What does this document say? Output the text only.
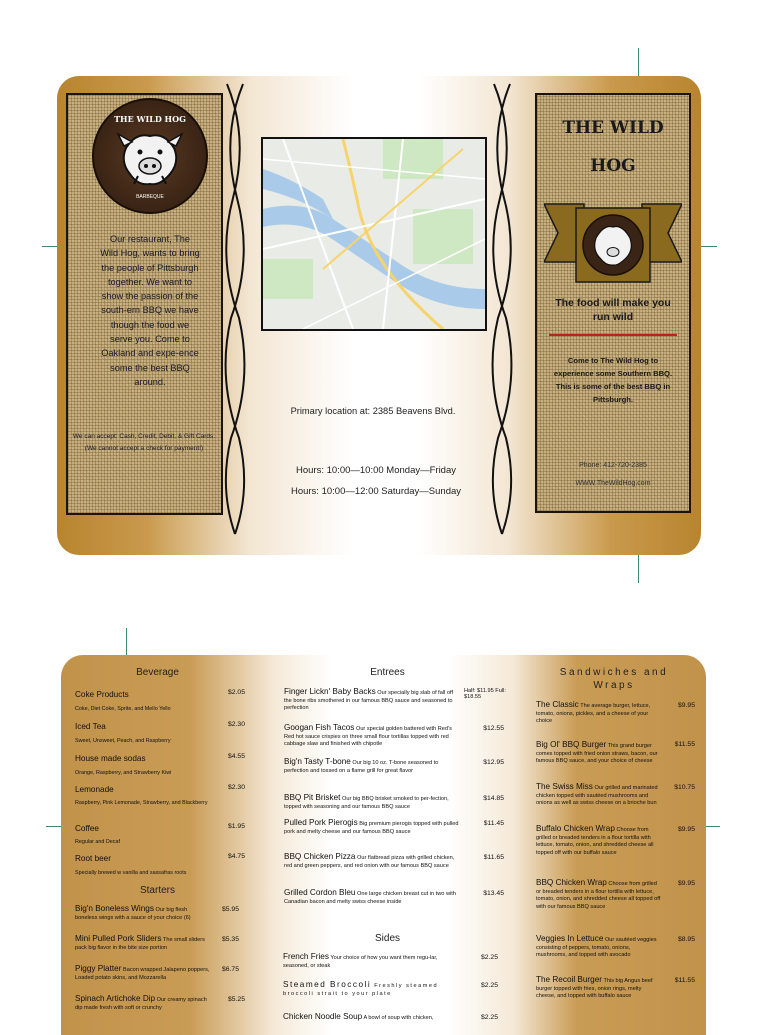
THE WILD HOG
BARBEQUE
Our restaurant, The Wild Hog, wants to bring the people of Pittsburgh together. We want to show the passion of the south-ern BBQ we have though the food we serve you. Come to Oakland and expe-ence some the best BBQ around.
We can accept: Cash, Credit, Debit, & Gift Cards. (We cannot accept a check for payment!)
Primary location at: 2385 Beavens Blvd.
Hours: 10:00—10:00 Monday—Friday
Hours: 10:00—12:00 Saturday—Sunday
THE WILD
HOG
The food will make you run wild
Come to The Wild Hog to experience some Southern BBQ. This is some of the best BBQ in Pittsburgh.
Phone: 412-720-2385
WWW.TheWildHog.com
Beverage
Coke Products	$2.05
Coke, Diet Coke, Sprite, and Mello Yello
Iced Tea	$2.30
Sweet, Unsweet, Peach, and Raspberry
House made sodas	$4.55
Orange, Raspberry, and Strawberry Kiwi
Lemonade	$2.30
Raspberry, Pink Lemonade, Strawberry, and Blackberry
Coffee	$1.95
Regular and Decaf
Root beer	$4.75
Specially brewed w vanilla and sassafras roots
Starters
Big'n Boneless Wings Our big flesh boneless wings with a sauce of your choice (6)
$5.95
Mini Pulled Pork Sliders The small sliders pack big flavor in the bite size portion
$5.35
Piggy Platter Bacon wrapped Jalapeno poppers, Loaded potato skins, and Mozzarella
$6.75
Spinach Artichoke Dip Our creamy spinach dip made fresh with soft or crunchy
$5.25
Entrees
Finger Lickn' Baby Backs Our specially big slab of fall off the bone ribs smothered in our famous BBQ sauce and seasoned to perfection
Half: $11.95 Full: $18.55
Googan Fish Tacos Our special golden battered with Red's Red hot sauce crispies on three small flour tortillas topped with red cabbage slaw and finished with chipotle
$12.55
Big'n Tasty T-bone Our big 10 oz. T-bone seasoned to perfection and tossed on a flame grill for great flavor
$12.95
BBQ Pit Brisket Our big BBQ brisket smoked to per-fection, topped with seasoning and our famous BBQ sauce
$14.85
Pulled Pork Pierogis Big premium pierogis topped with pulled pork and melty cheese and our famous BBQ sauce
$11.45
BBQ Chicken Pizza Our flatbread pizza with grilled chicken, red and green peppers, and red onion with our famous BBQ sauce
$11.65
Grilled Cordon Bleu One large chicken breast cut in two with Canadian bacon and melty swiss cheese inside
$13.45
Sides
French Fries Your choice of how you want them regu-lar, seasoned, or steak
$2.25
Steamed Broccoli Freshly steamed broccoli strait to your plate
$2.25
Chicken Noodle Soup A bowl of soup with chicken,	$2.25
Sandwiches and Wraps
The Classic The average burger, lettuce, tomato, onions, pickles, and a cheese of your choice
$9.95
Big Ol' BBQ Burger This grand burger comes topped with fried onion straws, bacon, our famous BBQ sauce, and your choice of cheese
$11.55
The Swiss Miss Our grilled and marinated chicken topped with sautéed mushrooms and onions as well as swiss cheese on a brioche bun
$10.75
Buffalo Chicken Wrap Choose from grilled or breaded tenders in a flour tortilla with lettuce, tomato, onion, and shredded cheese all topped off with our buffalo sauce
$9.95
BBQ Chicken Wrap Choose from grilled or breaded tenders in a flour tortilla with lettuce, tomato, onion, and shredded cheese all topped off with our famous BBQ sauce
$9.95
Veggies In Lettuce Our sautéed veggies consisting of peppers, tomato, onions, mushrooms, and topped with avocado
$8.95
The Recoil Burger This big Angus beef burger topped with fries, onion rings, melty cheese, and topped with buffalo sauce
$11.55
